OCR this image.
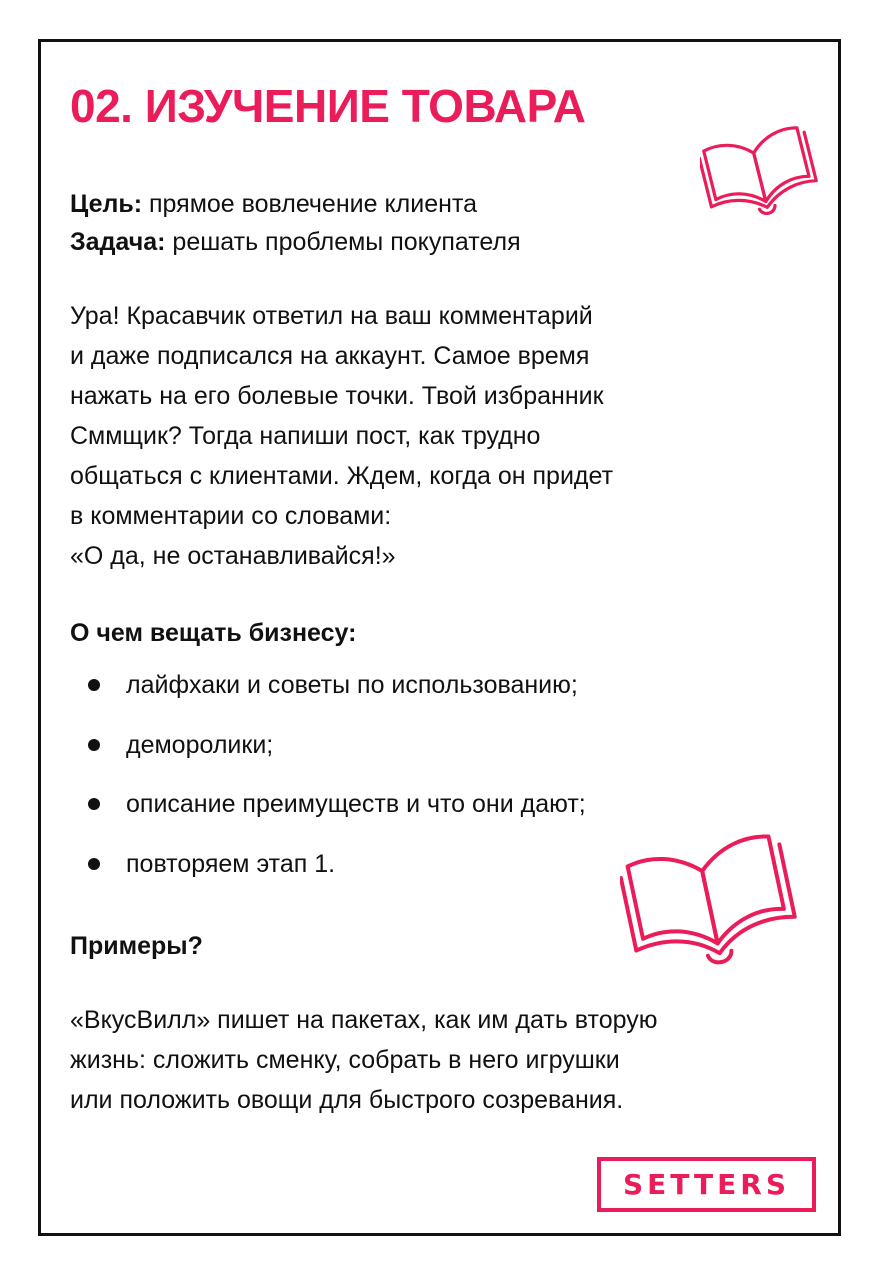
02. ИЗУЧЕНИЕ ТОВАРА
Цель: прямое вовлечение клиента
Задача: решать проблемы покупателя

Ура! Красавчик ответил на ваш комментарий
и даже подписался на аккаунт. Самое время
нажать на его болевые точки. Твой избранник
Сммщик? Тогда напиши пост, как трудно
общаться с клиентами. Ждем, когда он придет
в комментарии со словами:
«О да, не останавливайся!»

О чем вещать бизнесу:
лайфхаки и советы по использованию;
деморолики;
описание преимуществ и что они дают;
повторяем этап 1.
Примеры?

«ВкусВилл» пишет на пакетах, как им дать вторую
жизнь: сложить сменку, собрать в него игрушки
или положить овощи для быстрого созревания.

SETTERS
